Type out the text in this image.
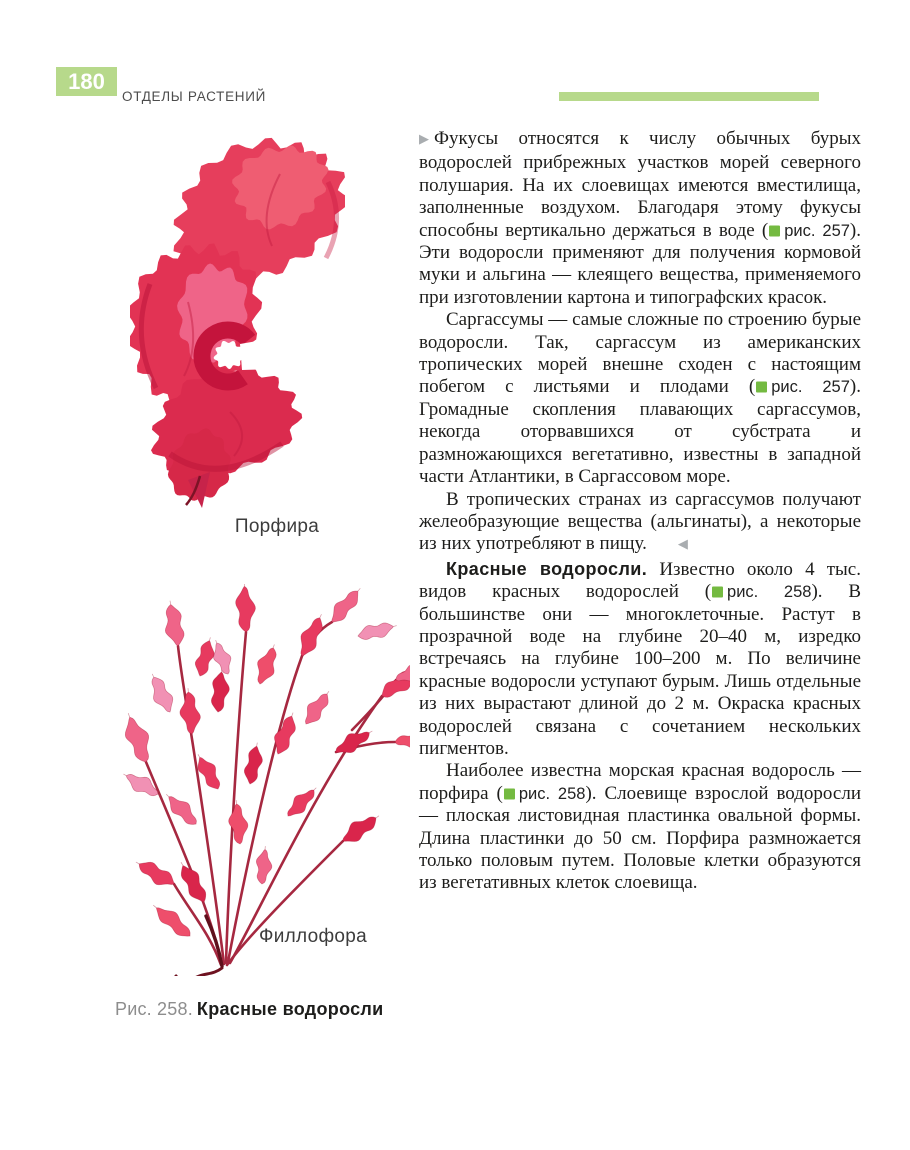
180
ОТДЕЛЫ РАСТЕНИЙ
Порфира
Филлофора
Рис. 258. Красные водоросли

▶ Фукусы относятся к числу обычных бурых водорослей прибрежных участков морей северного полушария. На их слоевищах имеются вместилища, заполненные воздухом. Благодаря этому фукусы способны вертикально держаться в воде ( рис. 257). Эти водоросли применяют для получения кормовой муки и альгина — клеящего вещества, применяемого при изготовлении картона и типографских красок.

Саргассумы — самые сложные по строению бурые водоросли. Так, саргассум из американских тропических морей внешне сходен с настоящим побегом с листьями и плодами ( рис. 257). Громадные скопления плавающих саргассумов, некогда оторвавшихся от субстрата и размножающихся вегетативно, известны в западной части Атлантики, в Саргассовом море.

В тропических странах из саргассумов получают желеобразующие вещества (альгинаты), а некоторые из них употребляют в пищу. ◀

Красные водоросли. Известно около 4 тыс. видов красных водорослей ( рис. 258). В большинстве они — многоклеточные. Растут в прозрачной воде на глубине 20–40 м, изредко встречаясь на глубине 100–200 м. По величине красные водоросли уступают бурым. Лишь отдельные из них вырастают длиной до 2 м. Окраска красных водорослей связана с сочетанием нескольких пигментов.

Наиболее известна морская красная водоросль — порфира ( рис. 258). Слоевище взрослой водоросли — плоская листовидная пластинка овальной формы. Длина пластинки до 50 см. Порфира размножается только половым путем. Половые клетки образуются из вегетативных клеток слоевища.
